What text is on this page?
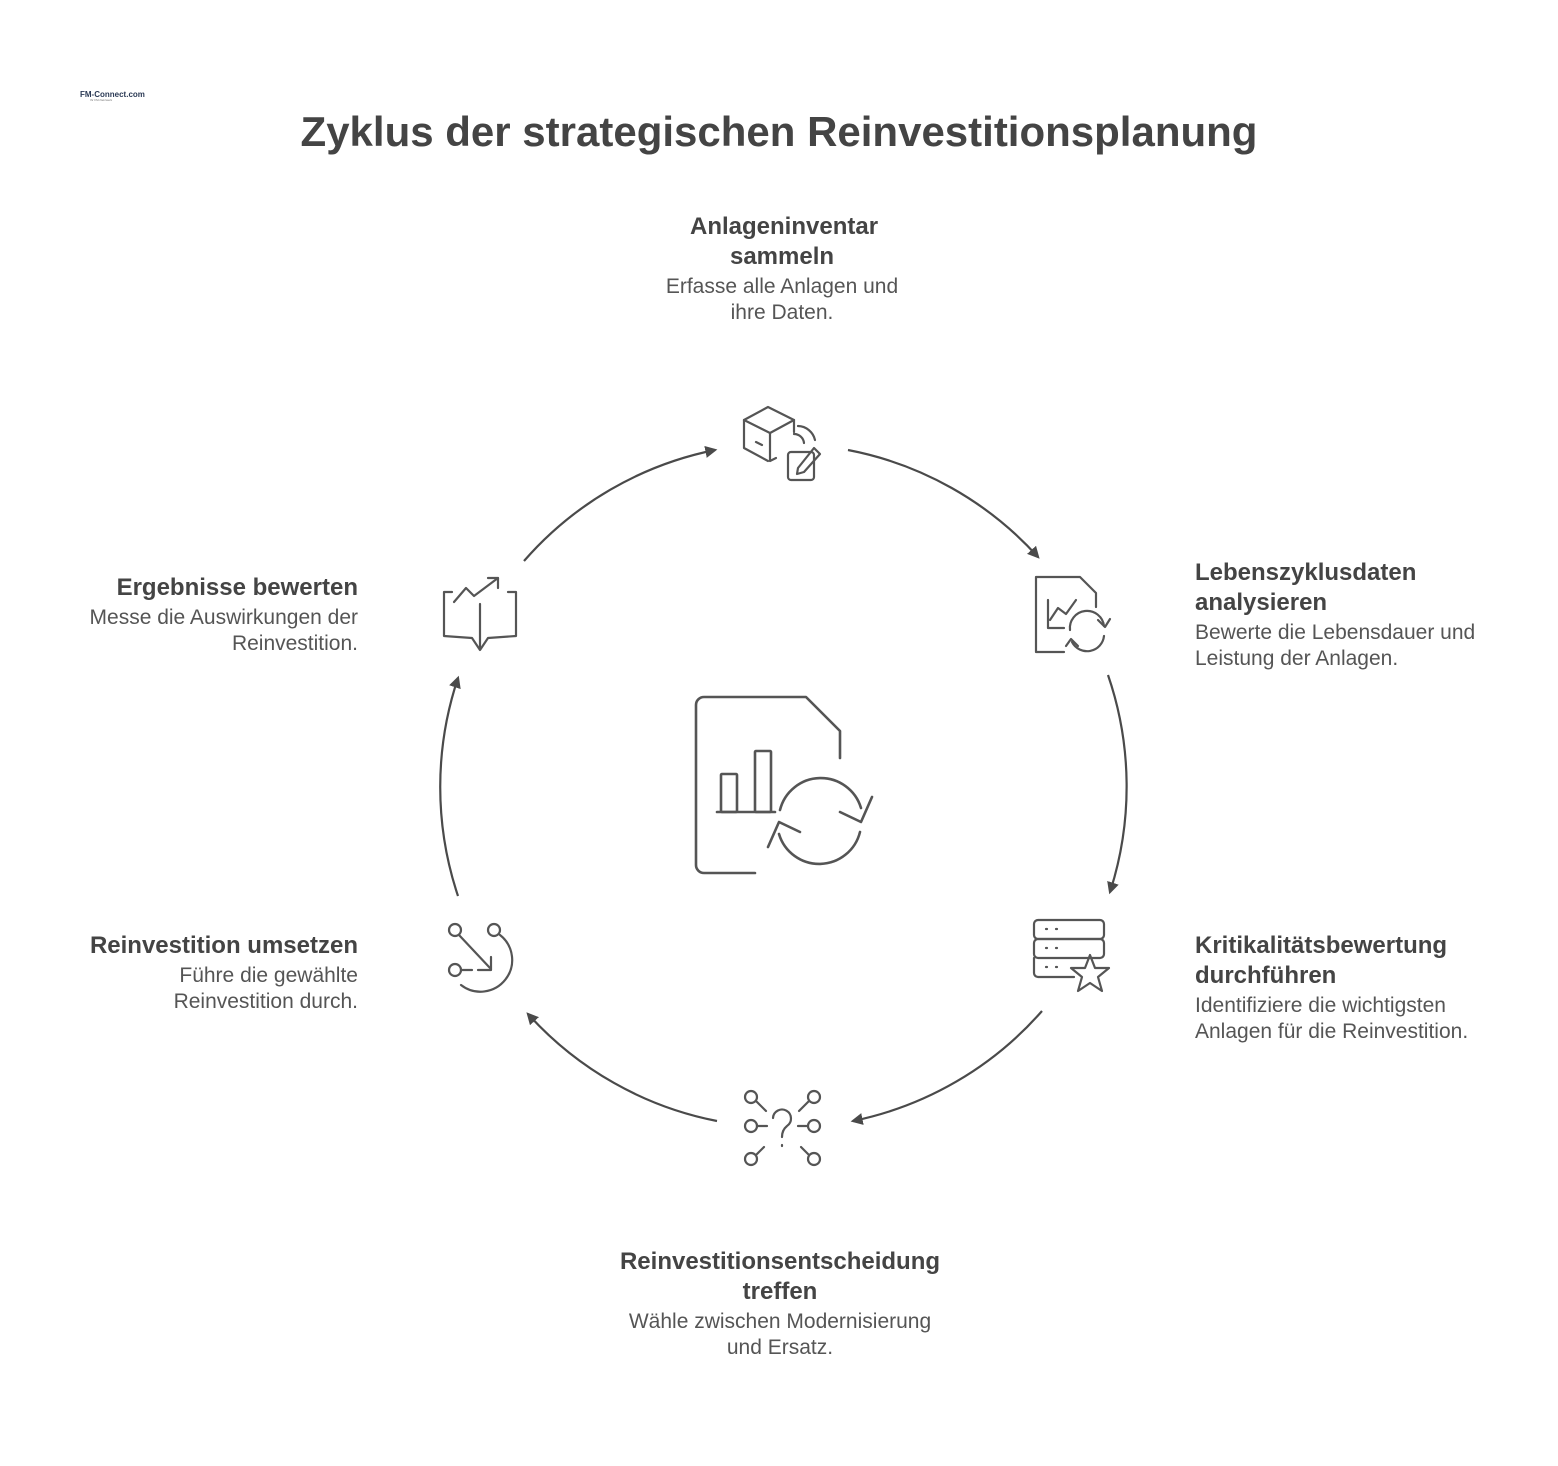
FM-Connect.com
Ihr FM-Netzwerk
Zyklus der strategischen Reinvestitionsplanung
Anlageninventar sammeln
Erfasse alle Anlagen und ihre Daten.
Lebenszyklusdaten analysieren
Bewerte die Lebensdauer und Leistung der Anlagen.
Kritikalitätsbewertung durchführen
Identifiziere die wichtigsten Anlagen für die Reinvestition.
Reinvestitionsentscheidung treffen
Wähle zwischen Modernisierung und Ersatz.
Reinvestition umsetzen
Führe die gewählte Reinvestition durch.
Ergebnisse bewerten
Messe die Auswirkungen der Reinvestition.
